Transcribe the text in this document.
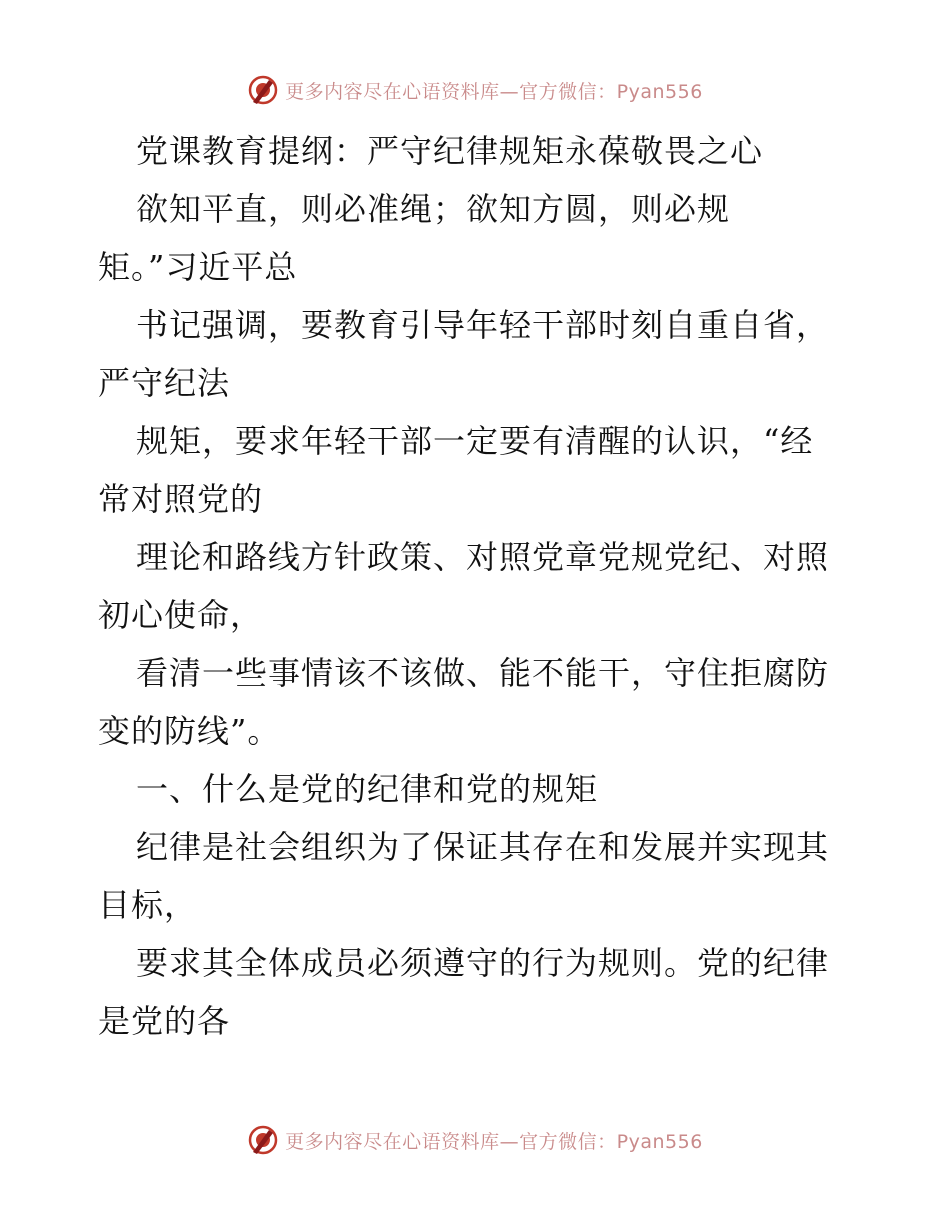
更多内容尽在心语资料库—官方微信：Pyan556
党课教育提纲：严守纪律规矩永葆敬畏之心
欲知平直，则必准绳；欲知方圆，则必规
矩。”习近平总
书记强调，要教育引导年轻干部时刻自重自省，
严守纪法
规矩，要求年轻干部一定要有清醒的认识，“经
常对照党的
理论和路线方针政策、对照党章党规党纪、对照
初心使命，
看清一些事情该不该做、能不能干，守住拒腐防
变的防线”。
一、什么是党的纪律和党的规矩
纪律是社会组织为了保证其存在和发展并实现其
目标，
要求其全体成员必须遵守的行为规则。党的纪律
是党的各
更多内容尽在心语资料库—官方微信：Pyan556
